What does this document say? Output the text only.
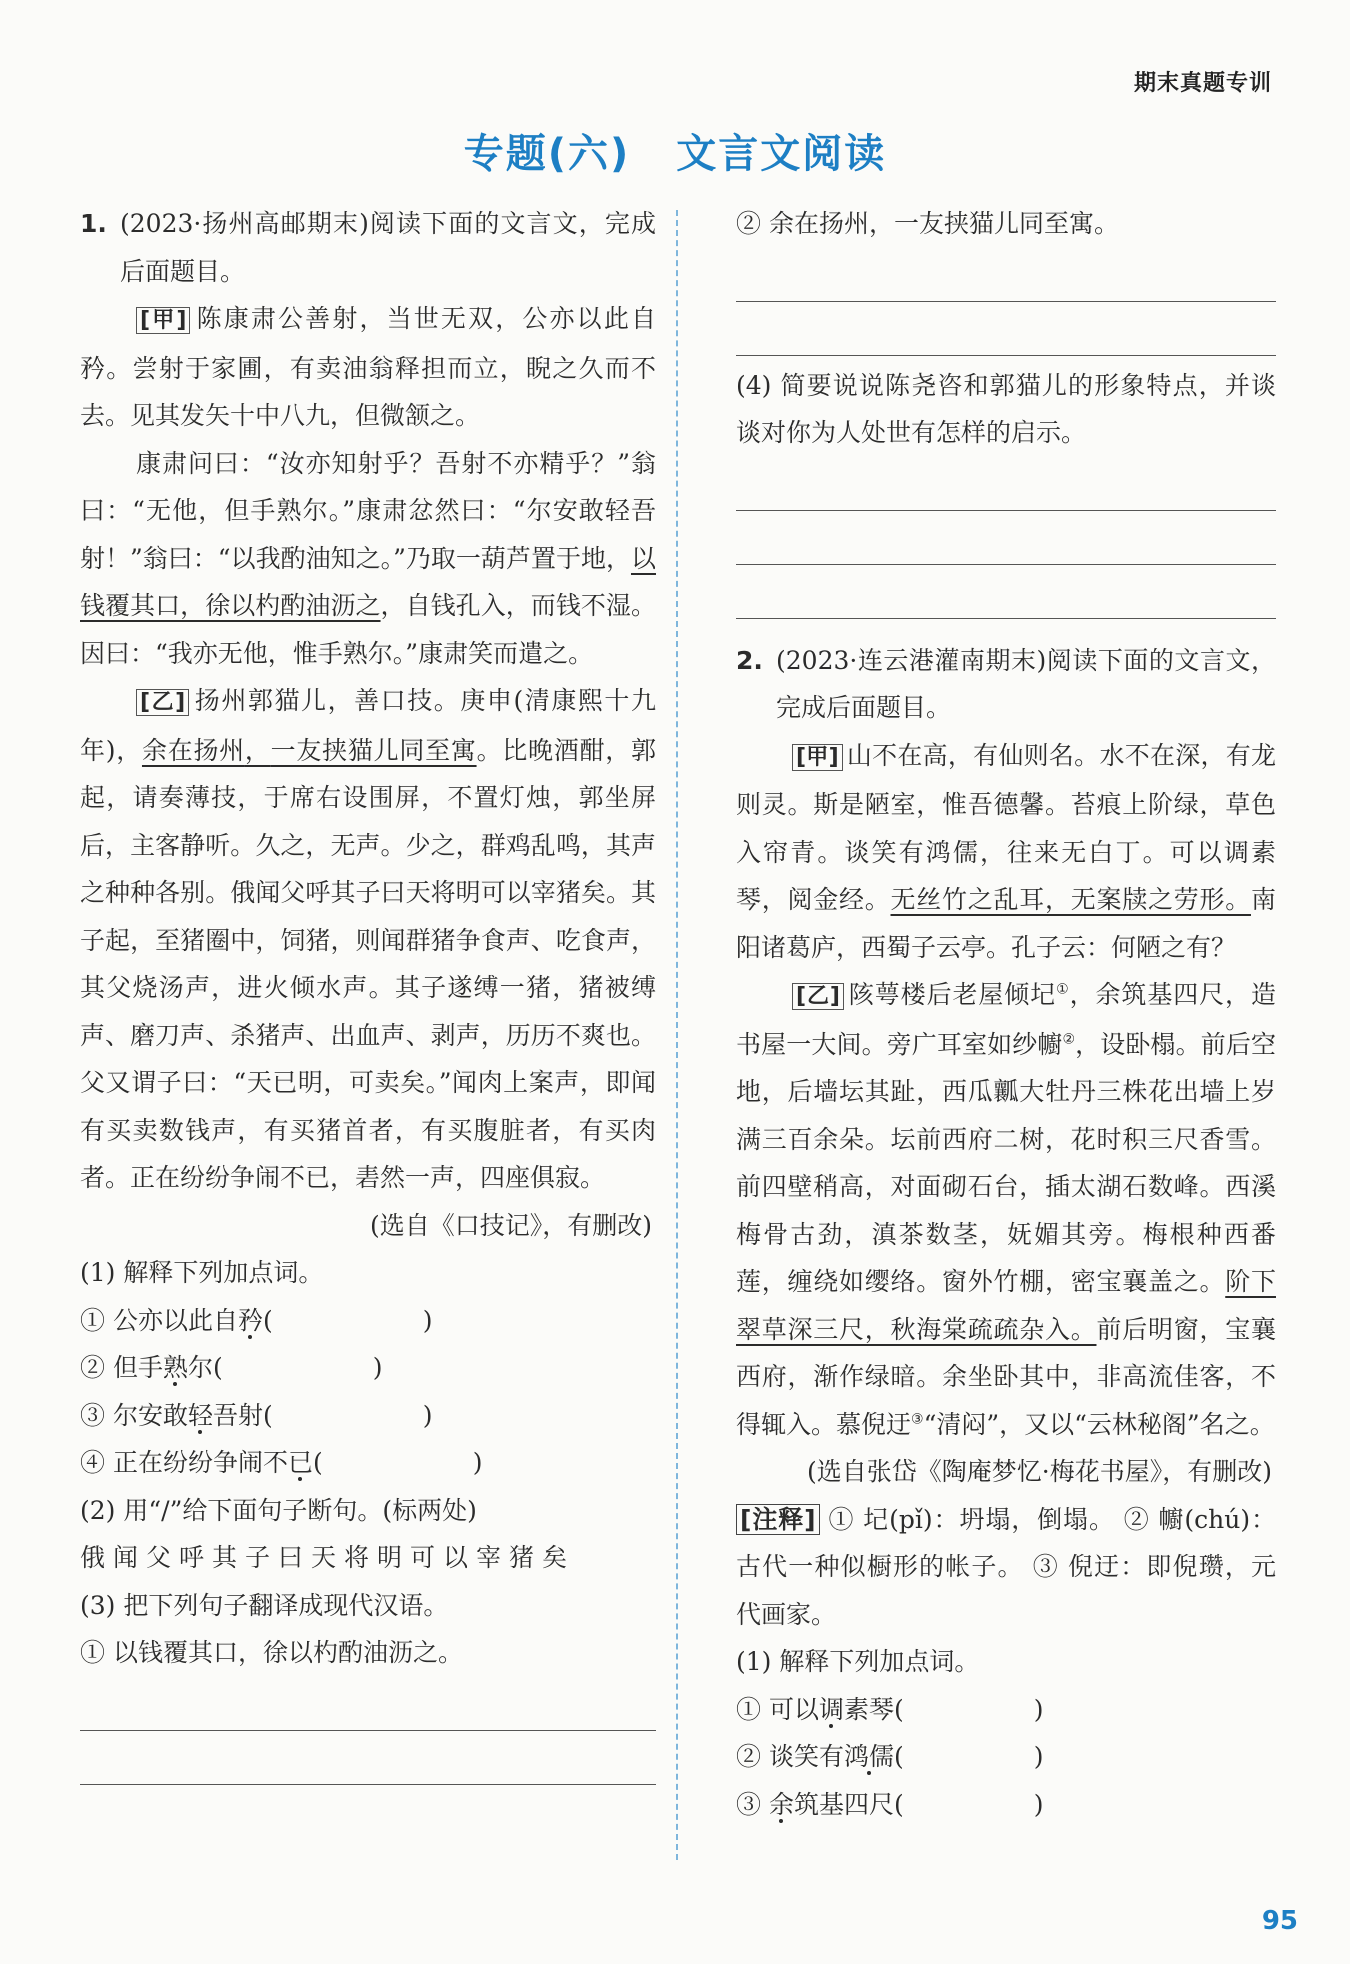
期末真题专训
专题(六) 文言文阅读

1. (2023·扬州高邮期末)阅读下面的文言文，完成后面题目。

[甲] 陈康肃公善射，当世无双，公亦以此自矜。尝射于家圃，有卖油翁释担而立，睨之久而不去。见其发矢十中八九，但微颔之。

康肃问曰：“汝亦知射乎？吾射不亦精乎？”翁曰：“无他，但手熟尔。”康肃忿然曰：“尔安敢轻吾射！”翁曰：“以我酌油知之。”乃取一葫芦置于地，以钱覆其口，徐以杓酌油沥之，自钱孔入，而钱不湿。因曰：“我亦无他，惟手熟尔。”康肃笑而遣之。

[乙] 扬州郭猫儿，善口技。庚申(清康熙十九年)，余在扬州，一友挟猫儿同至寓。比晚酒酣，郭起，请奏薄技，于席右设围屏，不置灯烛，郭坐屏后，主客静听。久之，无声。少之，群鸡乱鸣，其声之种种各别。俄闻父呼其子曰天将明可以宰猪矣。其子起，至猪圈中，饲猪，则闻群猪争食声、吃食声，其父烧汤声，进火倾水声。其子遂缚一猪，猪被缚声、磨刀声、杀猪声、出血声、剥声，历历不爽也。父又谓子曰：“天已明，可卖矣。”闻肉上案声，即闻有买卖数钱声，有买猪首者，有买腹脏者，有买肉者。正在纷纷争闹不已，砉然一声，四座俱寂。

(选自《口技记》，有删改)

(1) 解释下列加点词。

① 公亦以此自矜(	)

② 但手熟尔(	)

③ 尔安敢轻吾射(	)

④ 正在纷纷争闹不已(	)

(2) 用“/”给下面句子断句。(标两处)

俄闻父呼其子曰天将明可以宰猪矣

(3) 把下列句子翻译成现代汉语。

① 以钱覆其口，徐以杓酌油沥之。

② 余在扬州，一友挟猫儿同至寓。

(4) 简要说说陈尧咨和郭猫儿的形象特点，并谈谈对你为人处世有怎样的启示。

2. (2023·连云港灌南期末)阅读下面的文言文，完成后面题目。

[甲] 山不在高，有仙则名。水不在深，有龙则灵。斯是陋室，惟吾德馨。苔痕上阶绿，草色入帘青。谈笑有鸿儒，往来无白丁。可以调素琴，阅金经。无丝竹之乱耳，无案牍之劳形。南阳诸葛庐，西蜀子云亭。孔子云：何陋之有？

[乙] 陔萼楼后老屋倾圮①，余筑基四尺，造书屋一大间。旁广耳室如纱幮②，设卧榻。前后空地，后墙坛其趾，西瓜瓤大牡丹三株花出墙上岁满三百余朵。坛前西府二树，花时积三尺香雪。前四壁稍高，对面砌石台，插太湖石数峰。西溪梅骨古劲，滇茶数茎，妩媚其旁。梅根种西番莲，缠绕如缨络。窗外竹棚，密宝襄盖之。阶下翠草深三尺，秋海棠疏疏杂入。前后明窗，宝襄西府，渐作绿暗。余坐卧其中，非高流佳客，不得辄入。慕倪迂③“清闷”，又以“云林秘阁”名之。

(选自张岱《陶庵梦忆·梅花书屋》，有删改)

[注释] ① 圮(pǐ)：坍塌，倒塌。 ② 幮(chú)：古代一种似橱形的帐子。 ③ 倪迂：即倪瓒，元代画家。

(1) 解释下列加点词。

① 可以调素琴(	)

② 谈笑有鸿儒(	)

③ 余筑基四尺(	)

95
